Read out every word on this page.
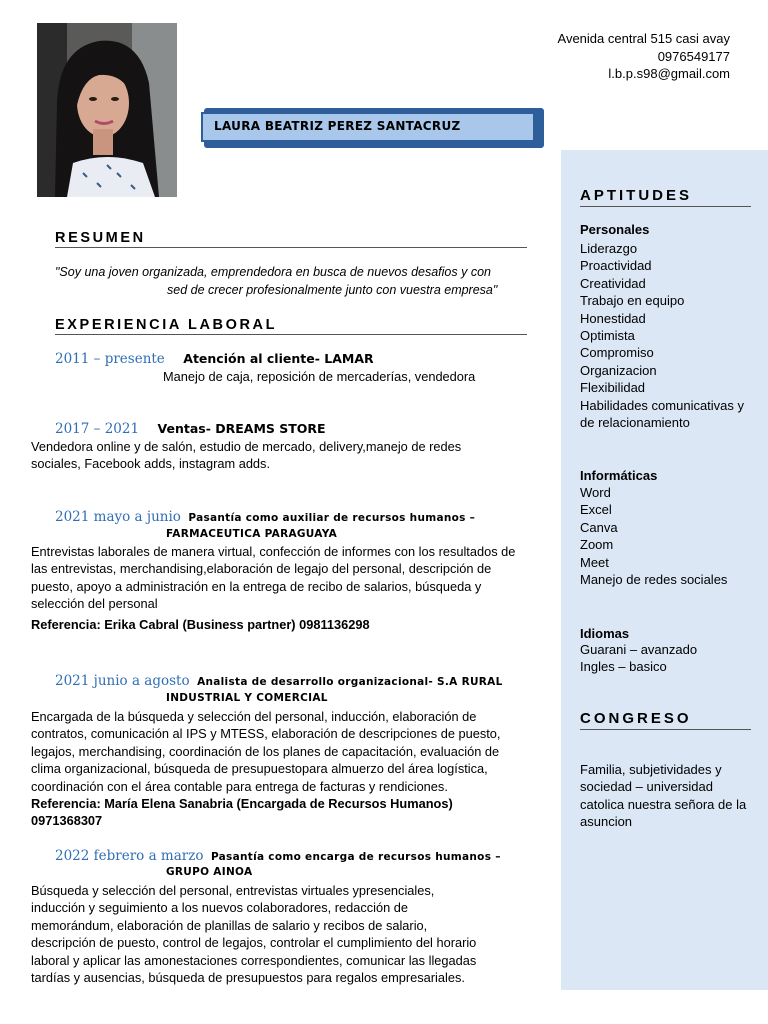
Avenida central 515 casi avay
0976549177
l.b.p.s98@gmail.com
LAURA BEATRIZ PEREZ SANTACRUZ
APTITUDES
Personales
Liderazgo
Proactividad
Creatividad
Trabajo en equipo
Honestidad
Optimista
Compromiso
Organizacion
Flexibilidad
Habilidades comunicativas y
de relacionamiento
Informáticas
Word
Excel
Canva
Zoom
Meet
Manejo de redes sociales
Idiomas
Guarani – avanzado
Ingles – basico
CONGRESO
Familia, subjetividades y
sociedad – universidad
catolica nuestra señora de la
asuncion
RESUMEN
"Soy una joven organizada, emprendedora en busca de nuevos desafios y con
sed de crecer profesionalmente junto con vuestra empresa"
EXPERIENCIA LABORAL
2011 – presente Atención al cliente- LAMAR
Manejo de caja, reposición de mercaderías, vendedora
2017 – 2021 Ventas- DREAMS STORE
Vendedora online y de salón, estudio de mercado, delivery,manejo de redes
sociales, Facebook adds, instagram adds.
2021 mayo a junio Pasantía como auxiliar de recursos humanos –
FARMACEUTICA PARAGUAYA
Entrevistas laborales de manera virtual, confección de informes con los resultados de
las entrevistas, merchandising,elaboración de legajo del personal, descripción de
puesto, apoyo a administración en la entrega de recibo de salarios, búsqueda y
selección del personal
Referencia: Erika Cabral (Business partner) 0981136298
2021 junio a agosto Analista de desarrollo organizacional- S.A RURAL
INDUSTRIAL Y COMERCIAL
Encargada de la búsqueda y selección del personal, inducción, elaboración de
contratos, comunicación al IPS y MTESS, elaboración de descripciones de puesto,
legajos, merchandising, coordinación de los planes de capacitación, evaluación de
clima organizacional, búsqueda de presupuestopara almuerzo del área logística,
coordinación con el área contable para entrega de facturas y rendiciones.
Referencia: María Elena Sanabria (Encargada de Recursos Humanos)
0971368307
2022 febrero a marzo Pasantía como encarga de recursos humanos –
GRUPO AINOA
Búsqueda y selección del personal, entrevistas virtuales ypresenciales,
inducción y seguimiento a los nuevos colaboradores, redacción de
memorándum, elaboración de planillas de salario y recibos de salario,
descripción de puesto, control de legajos, controlar el cumplimiento del horario
laboral y aplicar las amonestaciones correspondientes, comunicar las llegadas
tardías y ausencias, búsqueda de presupuestos para regalos empresariales.
